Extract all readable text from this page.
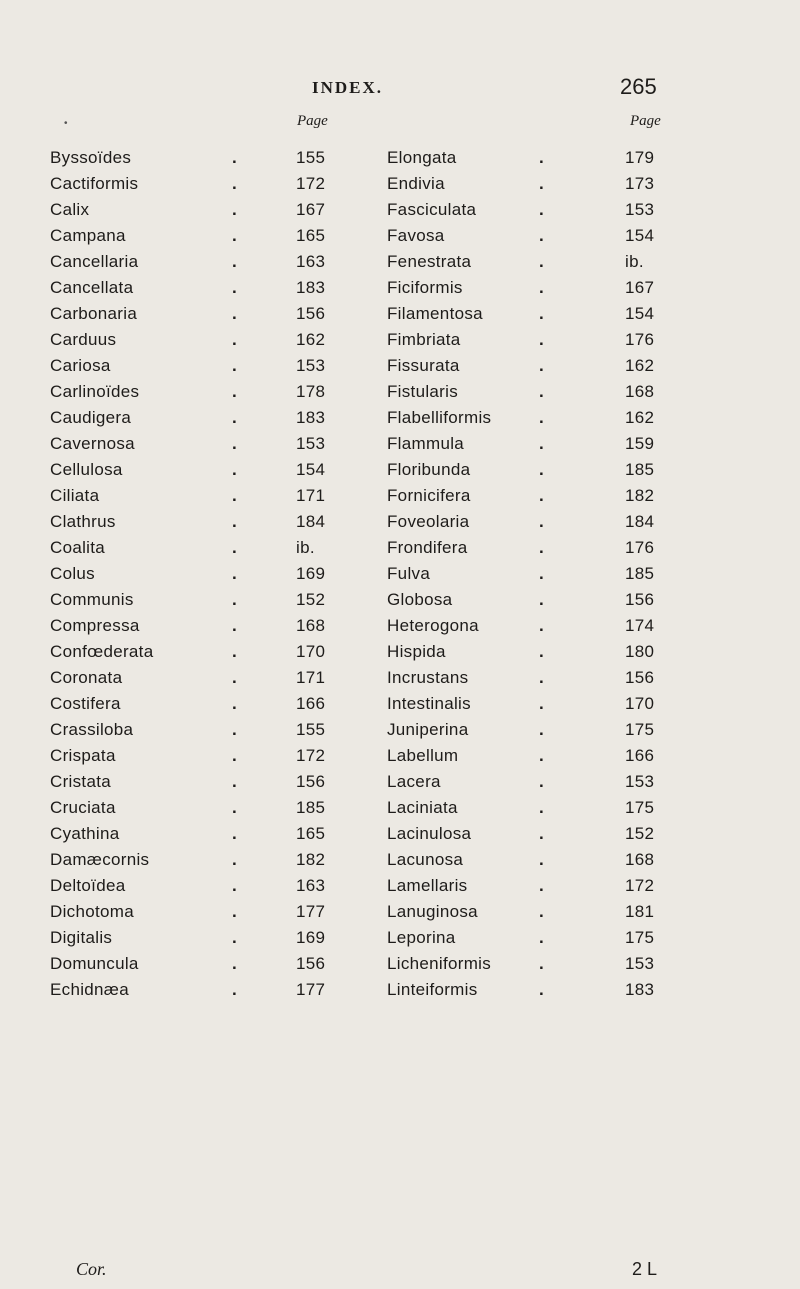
INDEX.	265
•	Page	Page
Byssoïdes	.	155	Elongata	.	179
Cactiformis	.	172	Endivia	.	173
Calix	.	167	Fasciculata	.	153
Campana	.	165	Favosa	.	154
Cancellaria	.	163	Fenestrata	.	ib.
Cancellata	.	183	Ficiformis	.	167
Carbonaria	.	156	Filamentosa	.	154
Carduus	.	162	Fimbriata	.	176
Cariosa	.	153	Fissurata	.	162
Carlinoïdes	.	178	Fistularis	.	168
Caudigera	.	183	Flabelliformis	.	162
Cavernosa	.	153	Flammula	.	159
Cellulosa	.	154	Floribunda	.	185
Ciliata	.	171	Fornicifera	.	182
Clathrus	.	184	Foveolaria	.	184
Coalita	.	ib.	Frondifera	.	176
Colus	.	169	Fulva	.	185
Communis	.	152	Globosa	.	156
Compressa	.	168	Heterogona	.	174
Confœderata	.	170	Hispida	.	180
Coronata	.	171	Incrustans	.	156
Costifera	.	166	Intestinalis	.	170
Crassiloba	.	155	Juniperina	.	175
Crispata	.	172	Labellum	.	166
Cristata	.	156	Lacera	.	153
Cruciata	.	185	Laciniata	.	175
Cyathina	.	165	Lacinulosa	.	152
Damæcornis	.	182	Lacunosa	.	168
Deltoïdea	.	163	Lamellaris	.	172
Dichotoma	.	177	Lanuginosa	.	181
Digitalis	.	169	Leporina	.	175
Domuncula	.	156	Licheniformis	.	153
Echidnæa	.	177	Linteiformis	.	183
Cor.	2 L
